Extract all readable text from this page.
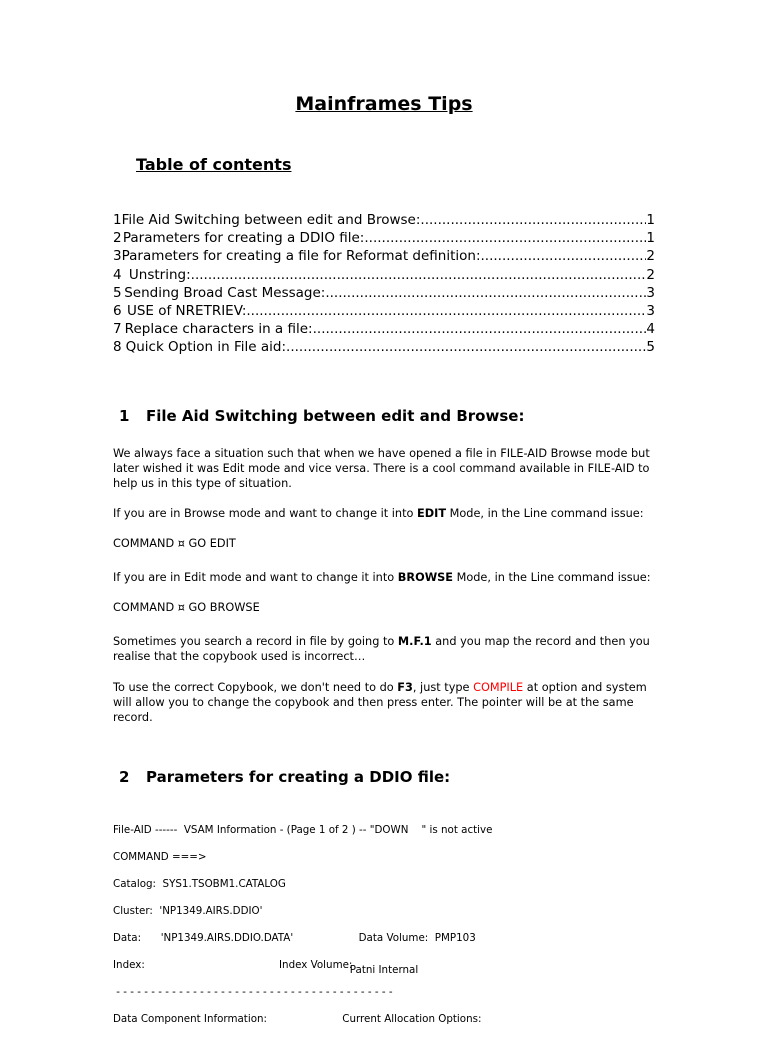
Mainframes Tips
Table of contents
1 File Aid Switching between edit and Browse: .....	1
2 Parameters for creating a DDIO file: .....	1
3 Parameters for creating a file for Reformat definition: .....	2
4 Unstring: .....	2
5 Sending Broad Cast Message: .....	3
6 USE of NRETRIEV: .....	3
7 Replace characters in a file: .....	4
8 Quick Option in File aid: .....	5
1 File Aid Switching between edit and Browse:
We always face a situation such that when we have opened a file in FILE-AID Browse mode but later wished it was Edit mode and vice versa. There is a cool command available in FILE-AID to help us in this type of situation.
If you are in Browse mode and want to change it into EDIT Mode, in the Line command issue:
COMMAND ¤ GO EDIT
If you are in Edit mode and want to change it into BROWSE Mode, in the Line command issue:
COMMAND ¤ GO BROWSE
Sometimes you search a record in file by going to M.F.1 and you map the record and then you realise that the copybook used is incorrect…
To use the correct Copybook, we don't need to do F3, just type COMPILE at option and system will allow you to change the copybook and then press enter. The pointer will be at the same record.
2 Parameters for creating a DDIO file:

File-AID ------  VSAM Information - (Page 1 of 2 ) -- "DOWN    " is not active

COMMAND ===>

Catalog:  SYS1.TSOBM1.CATALOG

Cluster:  'NP1349.AIRS.DDIO'

Data:      'NP1349.AIRS.DDIO.DATA'                    Data Volume:  PMP103

Index:                                         Index Volume:

- - - - - - - - - - - - - - - - - - - - - - - - - - - - - - - - - - - - - - - -

Data Component Information:                       Current Allocation Options:

Patni Internal
